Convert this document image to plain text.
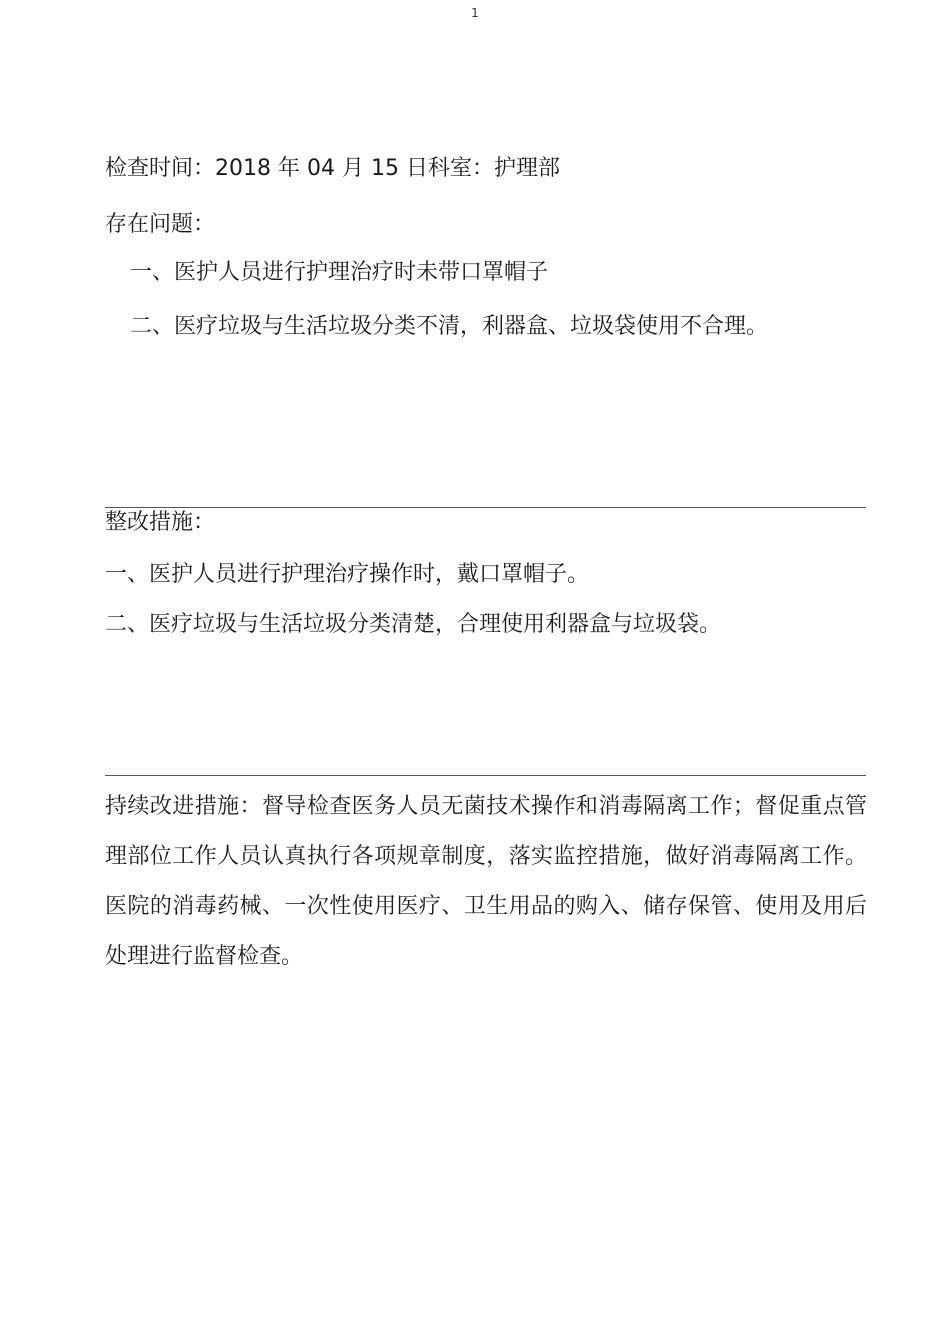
1
检查时间：2018 年 04 月 15 日科室：护理部
存在问题：
一、医护人员进行护理治疗时未带口罩帽子
二、医疗垃圾与生活垃圾分类不清，利器盒、垃圾袋使用不合理。
整改措施：
一、医护人员进行护理治疗操作时，戴口罩帽子。
二、医疗垃圾与生活垃圾分类清楚，合理使用利器盒与垃圾袋。
持续改进措施：督导检查医务人员无菌技术操作和消毒隔离工作；督促重点管理部位工作人员认真执行各项规章制度，落实监控措施，做好消毒隔离工作。医院的消毒药械、一次性使用医疗、卫生用品的购入、储存保管、使用及用后处理进行监督检查。
